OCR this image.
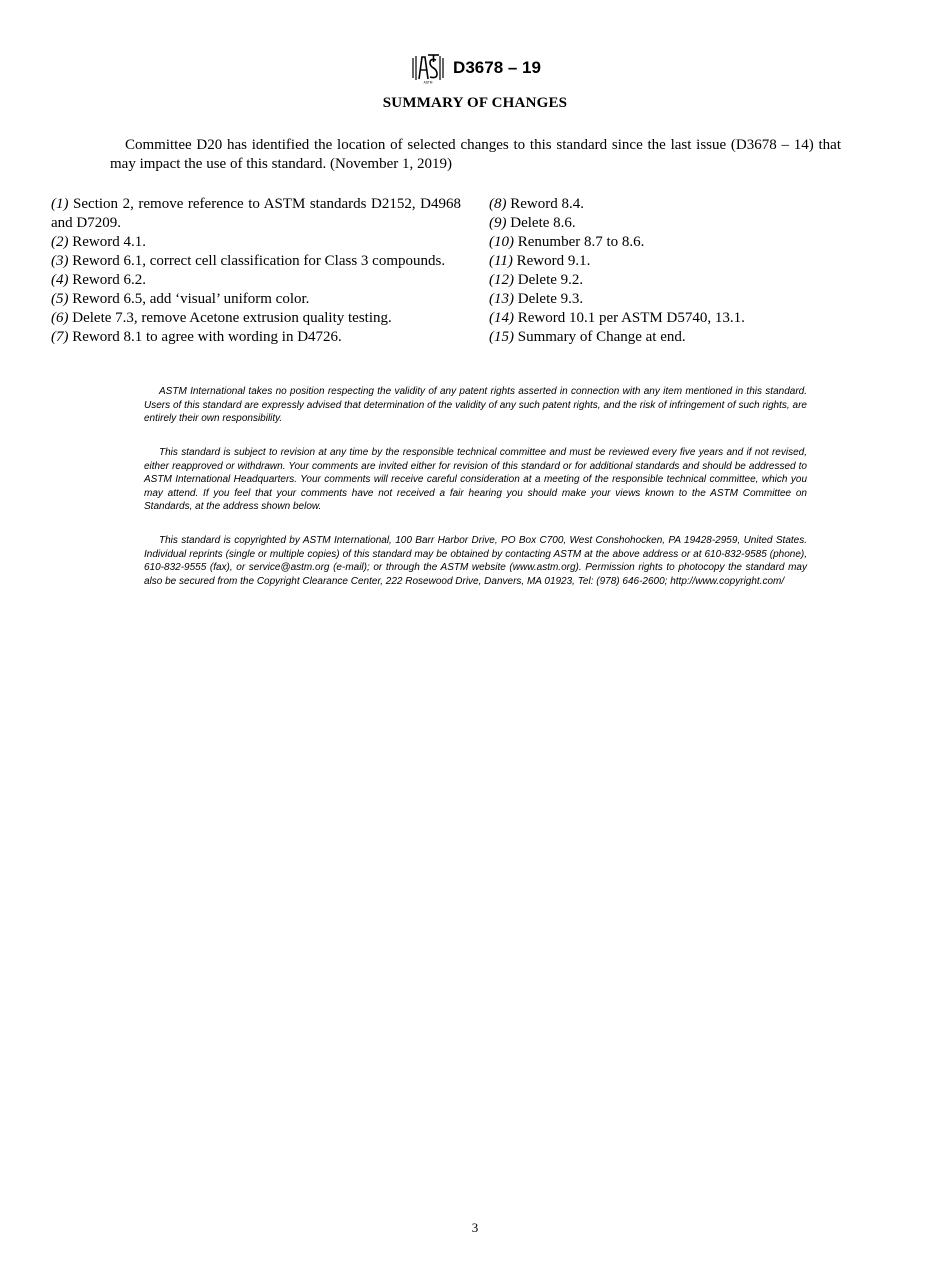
ASTM
D3678 – 19
SUMMARY OF CHANGES

Committee D20 has identified the location of selected changes to this standard since the last issue (D3678 – 14) that may impact the use of this standard. (November 1, 2019)

(1) Section 2, remove reference to ASTM standards D2152, D4968 and D7209.
(2) Reword 4.1.
(3) Reword 6.1, correct cell classification for Class 3 compounds.
(4) Reword 6.2.
(5) Reword 6.5, add ‘visual’ uniform color.
(6) Delete 7.3, remove Acetone extrusion quality testing.
(7) Reword 8.1 to agree with wording in D4726.
(8) Reword 8.4.
(9) Delete 8.6.
(10) Renumber 8.7 to 8.6.
(11) Reword 9.1.
(12) Delete 9.2.
(13) Delete 9.3.
(14) Reword 10.1 per ASTM D5740, 13.1.
(15) Summary of Change at end.

ASTM International takes no position respecting the validity of any patent rights asserted in connection with any item mentioned in this standard. Users of this standard are expressly advised that determination of the validity of any such patent rights, and the risk of infringement of such rights, are entirely their own responsibility.

This standard is subject to revision at any time by the responsible technical committee and must be reviewed every five years and if not revised, either reapproved or withdrawn. Your comments are invited either for revision of this standard or for additional standards and should be addressed to ASTM International Headquarters. Your comments will receive careful consideration at a meeting of the responsible technical committee, which you may attend. If you feel that your comments have not received a fair hearing you should make your views known to the ASTM Committee on Standards, at the address shown below.

This standard is copyrighted by ASTM International, 100 Barr Harbor Drive, PO Box C700, West Conshohocken, PA 19428-2959, United States. Individual reprints (single or multiple copies) of this standard may be obtained by contacting ASTM at the above address or at 610-832-9585 (phone), 610-832-9555 (fax), or service@astm.org (e-mail); or through the ASTM website (www.astm.org). Permission rights to photocopy the standard may also be secured from the Copyright Clearance Center, 222 Rosewood Drive, Danvers, MA 01923, Tel: (978) 646-2600; http://www.copyright.com/

3
